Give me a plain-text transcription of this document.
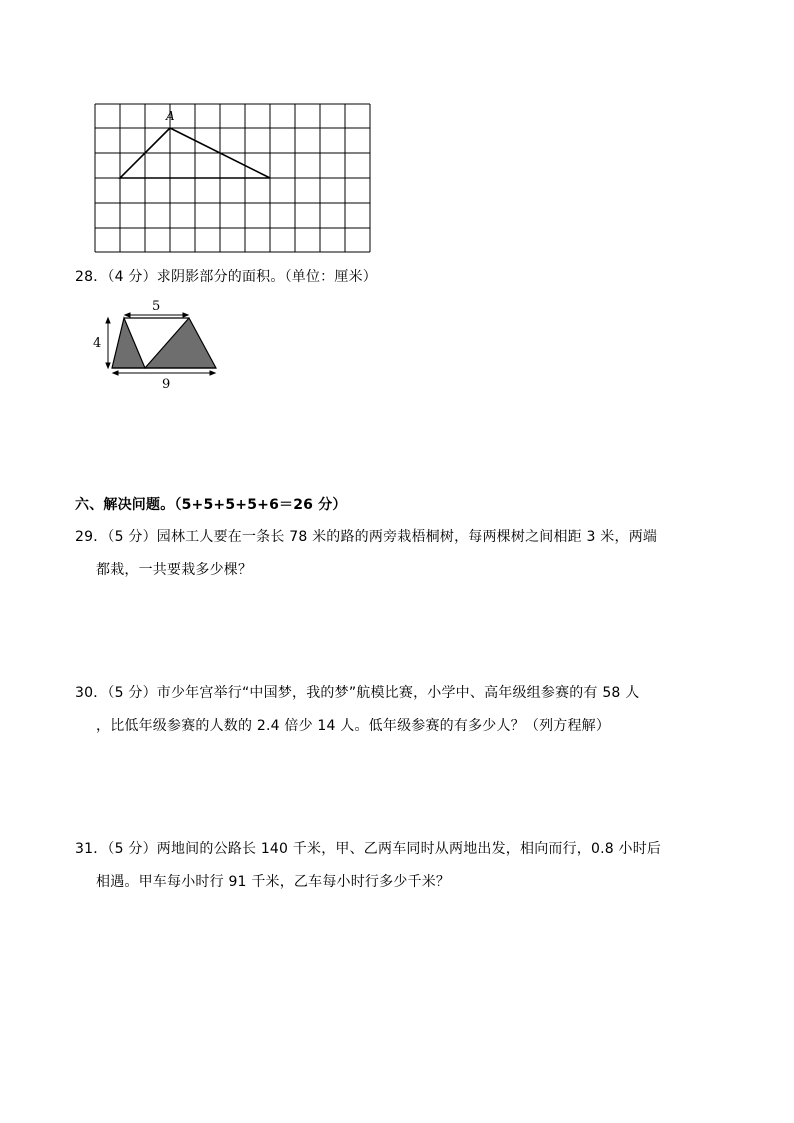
A
28．（4 分）求阴影部分的面积。（单位：厘米）
5
4
9
六、解决问题。（5+5+5+5+6＝26 分）
29．（5 分）园林工人要在一条长 78 米的路的两旁栽梧桐树，每两棵树之间相距 3 米，两端
都栽，一共要栽多少棵？
30．（5 分）市少年宫举行“中国梦，我的梦”航模比赛，小学中、高年级组参赛的有 58 人
，比低年级参赛的人数的 2.4 倍少 14 人。低年级参赛的有多少人？（列方程解）
31．（5 分）两地间的公路长 140 千米，甲、乙两车同时从两地出发，相向而行，0.8 小时后
相遇。甲车每小时行 91 千米，乙车每小时行多少千米？
